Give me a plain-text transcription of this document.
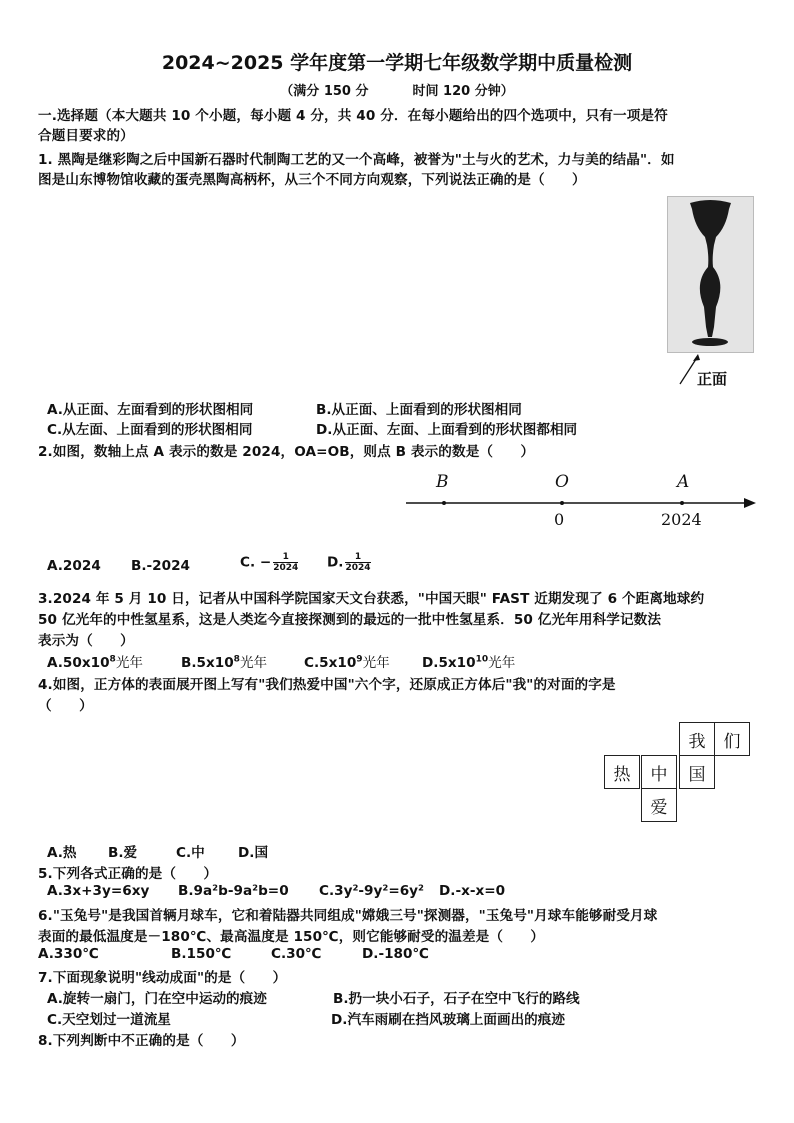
2024~2025 学年度第一学期七年级数学期中质量检测
（满分 150 分	时间 120 分钟）
一.选择题（本大题共 10 个小题，每小题 4 分，共 40 分．在每小题给出的四个选项中，只有一项是符
合题目要求的）
1. 黑陶是继彩陶之后中国新石器时代制陶工艺的又一个高峰，被誉为"土与火的艺术，力与美的结晶"．如
图是山东博物馆收藏的蛋壳黑陶高柄杯，从三个不同方向观察，下列说法正确的是（　　）
正面
A.从正面、左面看到的形状图相同	B.从正面、上面看到的形状图相同
C.从左面、上面看到的形状图相同	D.从正面、左面、上面看到的形状图都相同
2.如图，数轴上点 A 表示的数是 2024，OA=OB，则点 B 表示的数是（　　）
B	O	A
0	2024
A.2024 B.-2024	C. − $\frac{1}{2024} D$. $\frac{1}{2024}$
3.2024 年 5 月 10 日，记者从中国科学院国家天文台获悉，"中国天眼" FAST 近期发现了 6 个距离地球约
50 亿光年的中性氢星系，这是人类迄今直接探测到的最远的一批中性氢星系．50 亿光年用科学记数法
表示为（　　）
$A.50x10^8$光年	$B.5x10^8$光年	$C.5x10^9$光年 $D.5x10^{10}$光年
4.如图，正方体的表面展开图上写有"我们热爱中国"六个字，还原成正方体后"我"的对面的字是
（　　）
我	们
热	中	国
爱
A.热 B.爱	C.中 D.国
5.下列各式正确的是（　　）
A.3x+3y=6xy B.9a²b-9a²b=0 C.3y²-9y²=6y² D.-x-x=0
6."玉兔号"是我国首辆月球车，它和着陆器共同组成"嫦娥三号"探测器，"玉兔号"月球车能够耐受月球
表面的最低温度是－180℃、最高温度是 150℃，则它能够耐受的温差是（　　）
A.330℃	B.150℃	C.30℃	D.-180℃
7.下面现象说明"线动成面"的是（　　）
A.旋转一扇门，门在空中运动的痕迹	B.扔一块小石子，石子在空中飞行的路线
C.天空划过一道流星	D.汽车雨刷在挡风玻璃上面画出的痕迹
8.下列判断中不正确的是（　　）
